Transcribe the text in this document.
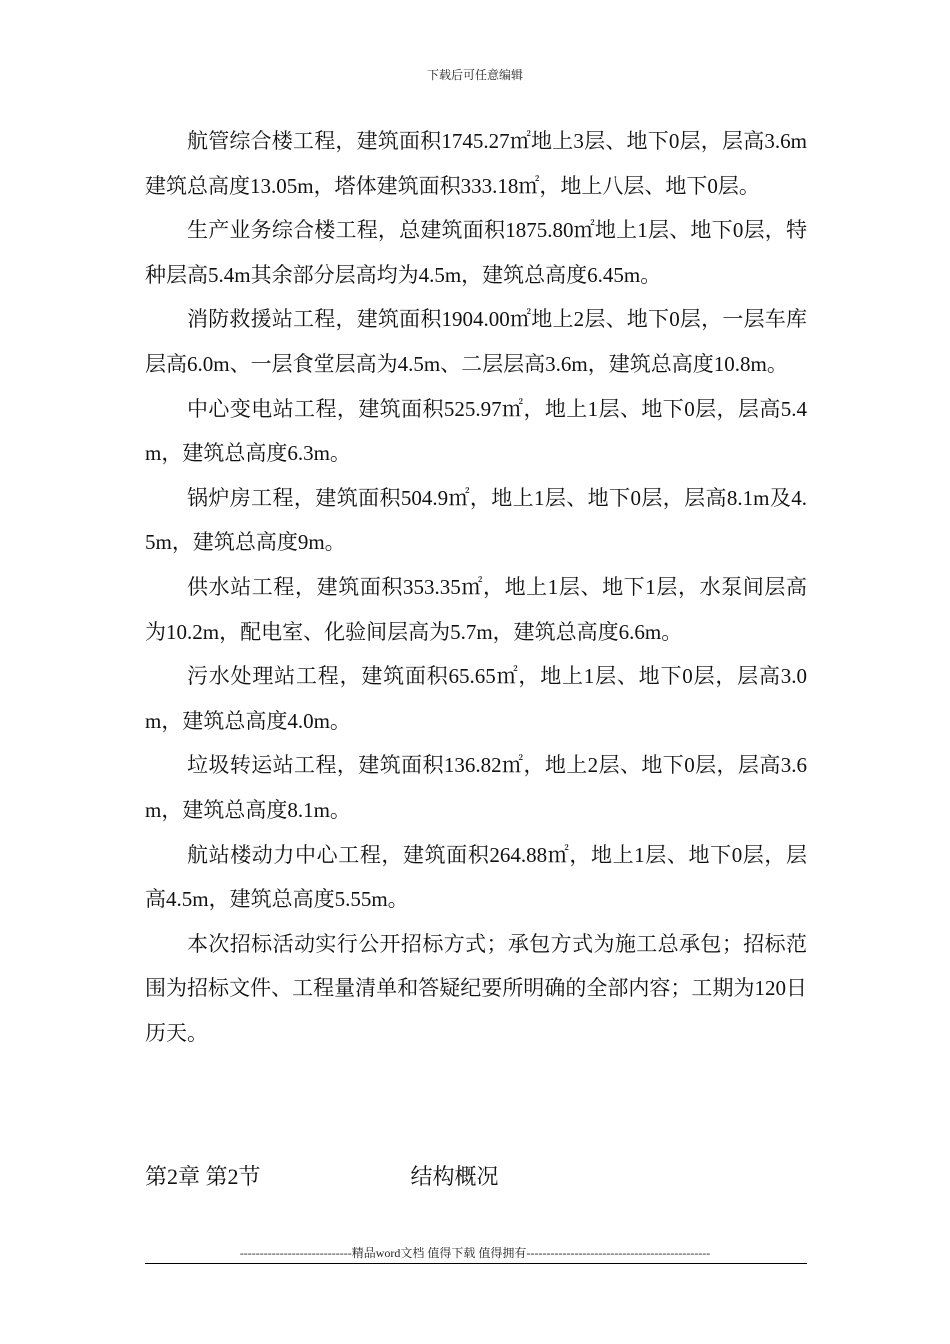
下载后可任意编辑

航管综合楼工程，建筑面积1745.27㎡地上3层、地下0层，层高3.6m建筑总高度13.05m，塔体建筑面积333.18㎡，地上八层、地下0层。

生产业务综合楼工程，总建筑面积1875.80㎡地上1层、地下0层，特种层高5.4m其余部分层高均为4.5m，建筑总高度6.45m。

消防救援站工程，建筑面积1904.00㎡地上2层、地下0层，一层车库层高6.0m、一层食堂层高为4.5m、二层层高3.6m，建筑总高度10.8m。

中心变电站工程，建筑面积525.97㎡，地上1层、地下0层，层高5.4m，建筑总高度6.3m。

锅炉房工程，建筑面积504.9㎡，地上1层、地下0层，层高8.1m及4.5m，建筑总高度9m。

供水站工程，建筑面积353.35㎡，地上1层、地下1层，水泵间层高为10.2m，配电室、化验间层高为5.7m，建筑总高度6.6m。

污水处理站工程，建筑面积65.65㎡，地上1层、地下0层，层高3.0m，建筑总高度4.0m。

垃圾转运站工程，建筑面积136.82㎡，地上2层、地下0层，层高3.6m，建筑总高度8.1m。

航站楼动力中心工程，建筑面积264.88㎡，地上1层、地下0层，层高4.5m，建筑总高度5.55m。

本次招标活动实行公开招标方式；承包方式为施工总承包；招标范围为招标文件、工程量清单和答疑纪要所明确的全部内容；工期为120日历天。

第2章 第2节	结构概况
----------------------------精品word文档 值得下载 值得拥有----------------------------------------------
